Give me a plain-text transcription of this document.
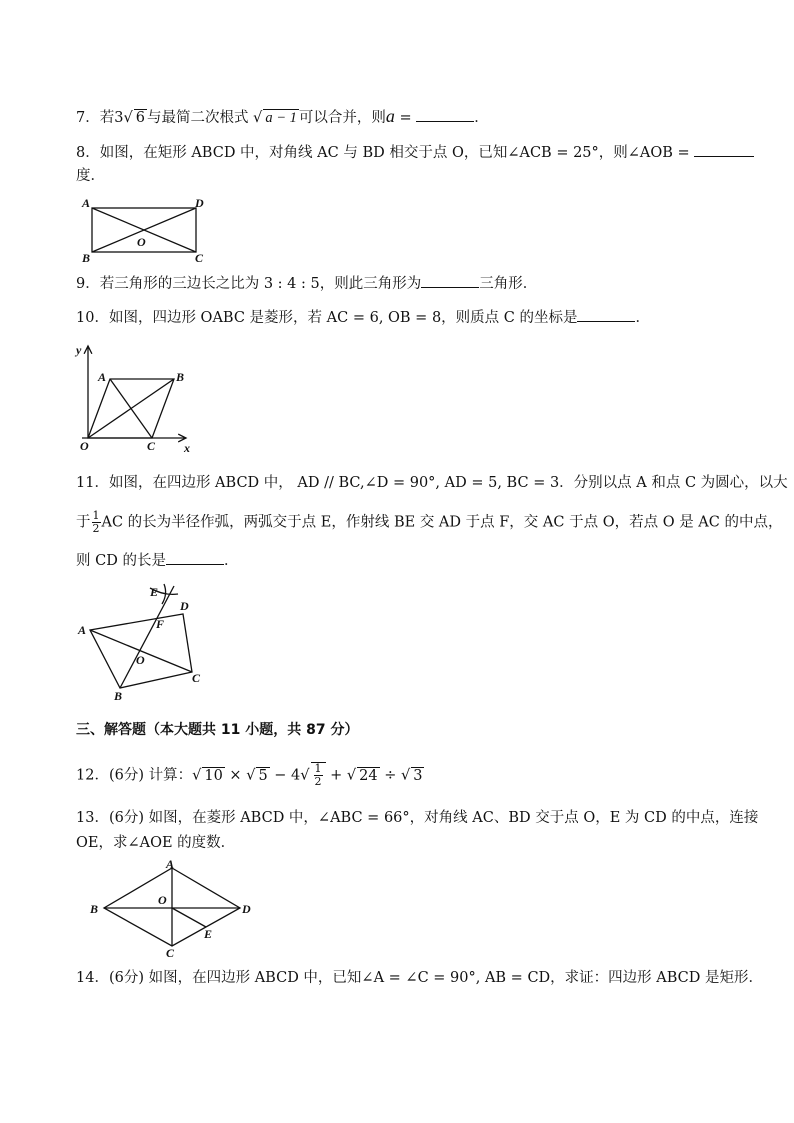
7．若3√ 6 与最简二次根式 √ a − 1 可以合并，则a =	．
8．如图，在矩形 ABCD 中，对角线 AC 与 BD 相交于点 O，已知∠ACB = 25°，则∠AOB =
度．
A	D
B	C
O
9．若三角形的三边长之比为 3 : 4 : 5，则此三角形为	三角形．
10．如图，四边形 OABC 是菱形，若 AC = 6, OB = 8，则质点 C 的坐标是	．
y
x
A	B
O	C
11．如图，在四边形 ABCD 中， AD // BC,∠D = 90°, AD = 5, BC = 3．分别以点 A 和点 C 为圆心，以大
于 $\frac{1}{2}$ AC 的长为半径作弧，两弧交于点 E，作射线 BE 交 AD 于点 F，交 AC 于点 O，若点 O 是 AC 的中点，
则 CD 的长是	．
E
D
F
A
O
B
C
三、解答题（本大题共 11 小题，共 87 分）
12．(6分) 计算：√ 10 × √ $5 - 4√ \frac{1}{2}$ + √ 24 ÷ √ 3
13．(6分) 如图，在菱形 ABCD 中，∠ABC = 66°，对角线 AC、BD 交于点 O，E 为 CD 的中点，连接
OE，求∠AOE 的度数．
A
B
O
D
E
C
14．(6分) 如图，在四边形 ABCD 中，已知∠A = ∠C = 90°, AB = CD，求证：四边形 ABCD 是矩形．
